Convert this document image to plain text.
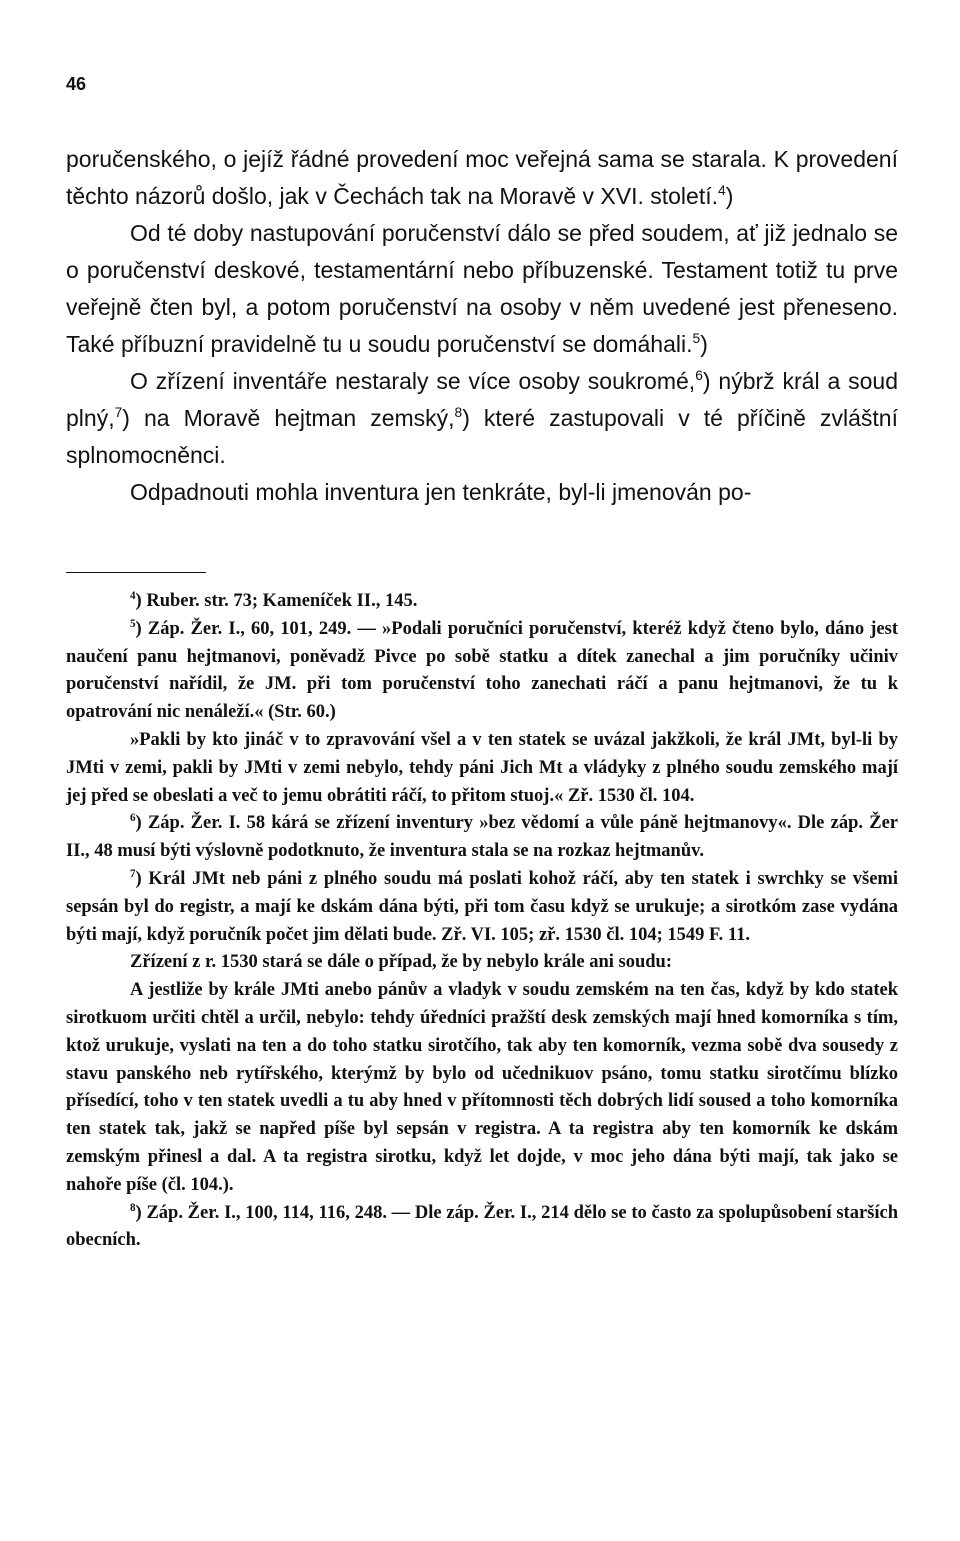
46

poručenského, o jejíž řádné provedení moc veřejná sama se starala. K provedení těchto názorů došlo, jak v Čechách tak na Moravě v XVI. století.$^4$)

Od té doby nastupování poručenství dálo se před soudem, ať již jednalo se o poručenství deskové, testamentární nebo příbuzenské. Testament totiž tu prve veřejně čten byl, a potom poručenství na osoby v něm uvedené jest přeneseno. Také příbuzní pravidelně tu u soudu poručenství se domáhali.$^5$)

O zřízení inventáře nestaraly se více osoby soukromé,$^6$) nýbrž král a soud plný,$^7$) na Moravě hejtman zemský,$^8$) které zastupovali v té příčině zvláštní splnomocněnci.

Odpadnouti mohla inventura jen tenkráte, byl-li jmenován po-

$^4$) Ruber. str. 73; Kameníček II., 145.

$^5$) Záp. Žer. I., 60, 101, 249. — »Podali poručníci poručenství, kteréž když čteno bylo, dáno jest naučení panu hejtmanovi, poněvadž Pivce po sobě statku a dítek zanechal a jim poručníky učiniv poručenství nařídil, že JM. při tom poručenství toho zanechati ráčí a panu hejtmanovi, že tu k opatrování nic nenáleží.« (Str. 60.)

»Pakli by kto jináč v to zpravování všel a v ten statek se uvázal jakžkoli, že král JMt, byl-li by JMti v zemi, pakli by JMti v zemi nebylo, tehdy páni Jich Mt a vládyky z plného soudu zemského mají jej před se obeslati a več to jemu obrátiti ráčí, to přitom stuoj.« Zř. 1530 čl. 104.

$^6$) Záp. Žer. I. 58 kárá se zřízení inventury »bez vědomí a vůle páně hejtmanovy«. Dle záp. Žer II., 48 musí býti výslovně podotknuto, že inventura stala se na rozkaz hejtmanův.

$^7$) Král JMt neb páni z plného soudu má poslati kohož ráčí, aby ten statek i swrchky se všemi sepsán byl do registr, a mají ke dskám dána býti, při tom času když se urukuje; a sirotkóm zase vydána býti mají, když poručník počet jim dělati bude. Zř. VI. 105; zř. 1530 čl. 104; 1549 F. 11.

Zřízení z r. 1530 stará se dále o případ, že by nebylo krále ani soudu:

A jestliže by krále JMti anebo pánův a vladyk v soudu zemském na ten čas, když by kdo statek sirotkuom určiti chtěl a určil, nebylo: tehdy úředníci pražští desk zemských mají hned komorníka s tím, ktož urukuje, vyslati na ten a do toho statku sirotčího, tak aby ten komorník, vezma sobě dva sousedy z stavu panského neb rytířského, kterýmž by bylo od učednikuov psáno, tomu statku sirotčímu blízko přísedící, toho v ten statek uvedli a tu aby hned v přítomnosti těch dobrých lidí soused a toho komorníka ten statek tak, jakž se napřed píše byl sepsán v registra. A ta registra aby ten komorník ke dskám zemským přinesl a dal. A ta registra sirotku, když let dojde, v moc jeho dána býti mají, tak jako se nahoře píše (čl. 104.).

$^8$) Záp. Žer. I., 100, 114, 116, 248. — Dle záp. Žer. I., 214 dělo se to často za spolupůsobení starších obecních.
